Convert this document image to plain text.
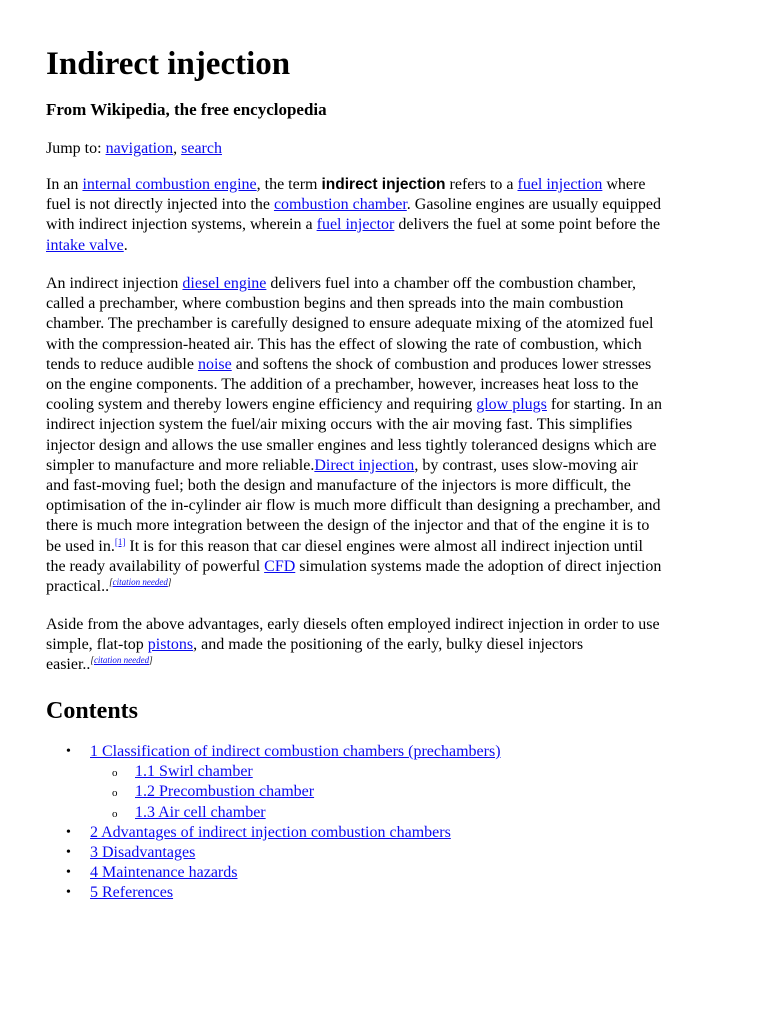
Indirect injection
From Wikipedia, the free encyclopedia
Jump to: navigation, search
In an internal combustion engine, the term indirect injection refers to a fuel injection where
fuel is not directly injected into the combustion chamber. Gasoline engines are usually equipped
with indirect injection systems, wherein a fuel injector delivers the fuel at some point before the
intake valve.
An indirect injection diesel engine delivers fuel into a chamber off the combustion chamber,
called a prechamber, where combustion begins and then spreads into the main combustion
chamber. The prechamber is carefully designed to ensure adequate mixing of the atomized fuel
with the compression-heated air. This has the effect of slowing the rate of combustion, which
tends to reduce audible noise and softens the shock of combustion and produces lower stresses
on the engine components. The addition of a prechamber, however, increases heat loss to the
cooling system and thereby lowers engine efficiency and requiring glow plugs for starting. In an
indirect injection system the fuel/air mixing occurs with the air moving fast. This simplifies
injector design and allows the use smaller engines and less tightly toleranced designs which are
simpler to manufacture and more reliable.Direct injection, by contrast, uses slow-moving air
and fast-moving fuel; both the design and manufacture of the injectors is more difficult, the
optimisation of the in-cylinder air flow is much more difficult than designing a prechamber, and
there is much more integration between the design of the injector and that of the engine it is to
be used in.[1] It is for this reason that car diesel engines were almost all indirect injection until
the ready availability of powerful CFD simulation systems made the adoption of direct injection
practical..[citation needed]
Aside from the above advantages, early diesels often employed indirect injection in order to use
simple, flat-top pistons, and made the positioning of the early, bulky diesel injectors
easier..[citation needed]
Contents
• 1 Classification of indirect combustion chambers (prechambers)
o 1.1 Swirl chamber
o 1.2 Precombustion chamber
o 1.3 Air cell chamber
• 2 Advantages of indirect injection combustion chambers
• 3 Disadvantages
• 4 Maintenance hazards
• 5 References
